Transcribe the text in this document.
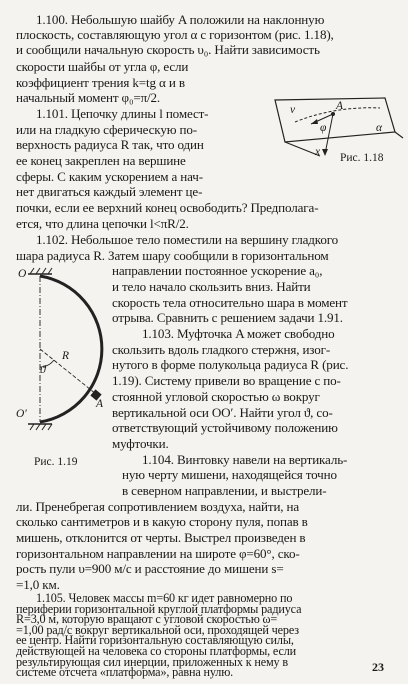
1.100. Небольшую шайбу A положили на наклонную
плоскость, составляющую угол α с горизонтом (рис. 1.18),
и сообщили начальную скорость υ₀. Найти зависимость
скорости шайбы от угла φ, если
коэффициент трения k=tg α и в
начальный момент φ₀=π/2.
1.101. Цепочку длины l помест-
или на гладкую сферическую по-
верхность радиуса R так, что один
ее конец закреплен на вершине
сферы. С каким ускорением a нач-
нет двигаться каждый элемент це-
почки, если ее верхний конец освободить? Предполага-
ется, что длина цепочки l<πR/2.
1.102. Небольшое тело поместили на вершину гладкого
шара радиуса R. Затем шару сообщили в горизонтальном
направлении постоянное ускорение a₀,
и тело начало скользить вниз. Найти
скорость тела относительно шара в момент
отрыва. Сравнить с решением задачи 1.91.
1.103. Муфточка A может свободно
скользить вдоль гладкого стержня, изог-
нутого в форме полукольца радиуса R (рис.
1.19). Систему привели во вращение с по-
стоянной угловой скоростью ω вокруг
вертикальной оси OO′. Найти угол ϑ, со-
ответствующий устойчивому положению
муфточки.
1.104. Винтовку навели на вертикаль-
ную черту мишени, находящейся точно
в северном направлении, и выстрели-
ли. Пренебрегая сопротивлением воздуха, найти, на
сколько сантиметров и в какую сторону пуля, попав в
мишень, отклонится от черты. Выстрел произведен в
горизонтальном направлении на широте φ=60°, ско-
рость пули υ=900 м/с и расстояние до мишени s=
=1,0 км.
1.105. Человек массы m=60 кг идет равномерно по
периферии горизонтальной круглой платформы радиуса
R=3,0 м, которую вращают с угловой скоростью ω=
=1,00 рад/с вокруг вертикальной оси, проходящей через
ее центр. Найти горизонтальную составляющую силы,
действующей на человека со стороны платформы, если
результирующая сил инерции, приложенных к нему в
системе отсчета «платформа», равна нулю.
v	A
φ	α
x Рис. 1.18
O
R
ϑ
A
O′
Рис. 1.19
23
